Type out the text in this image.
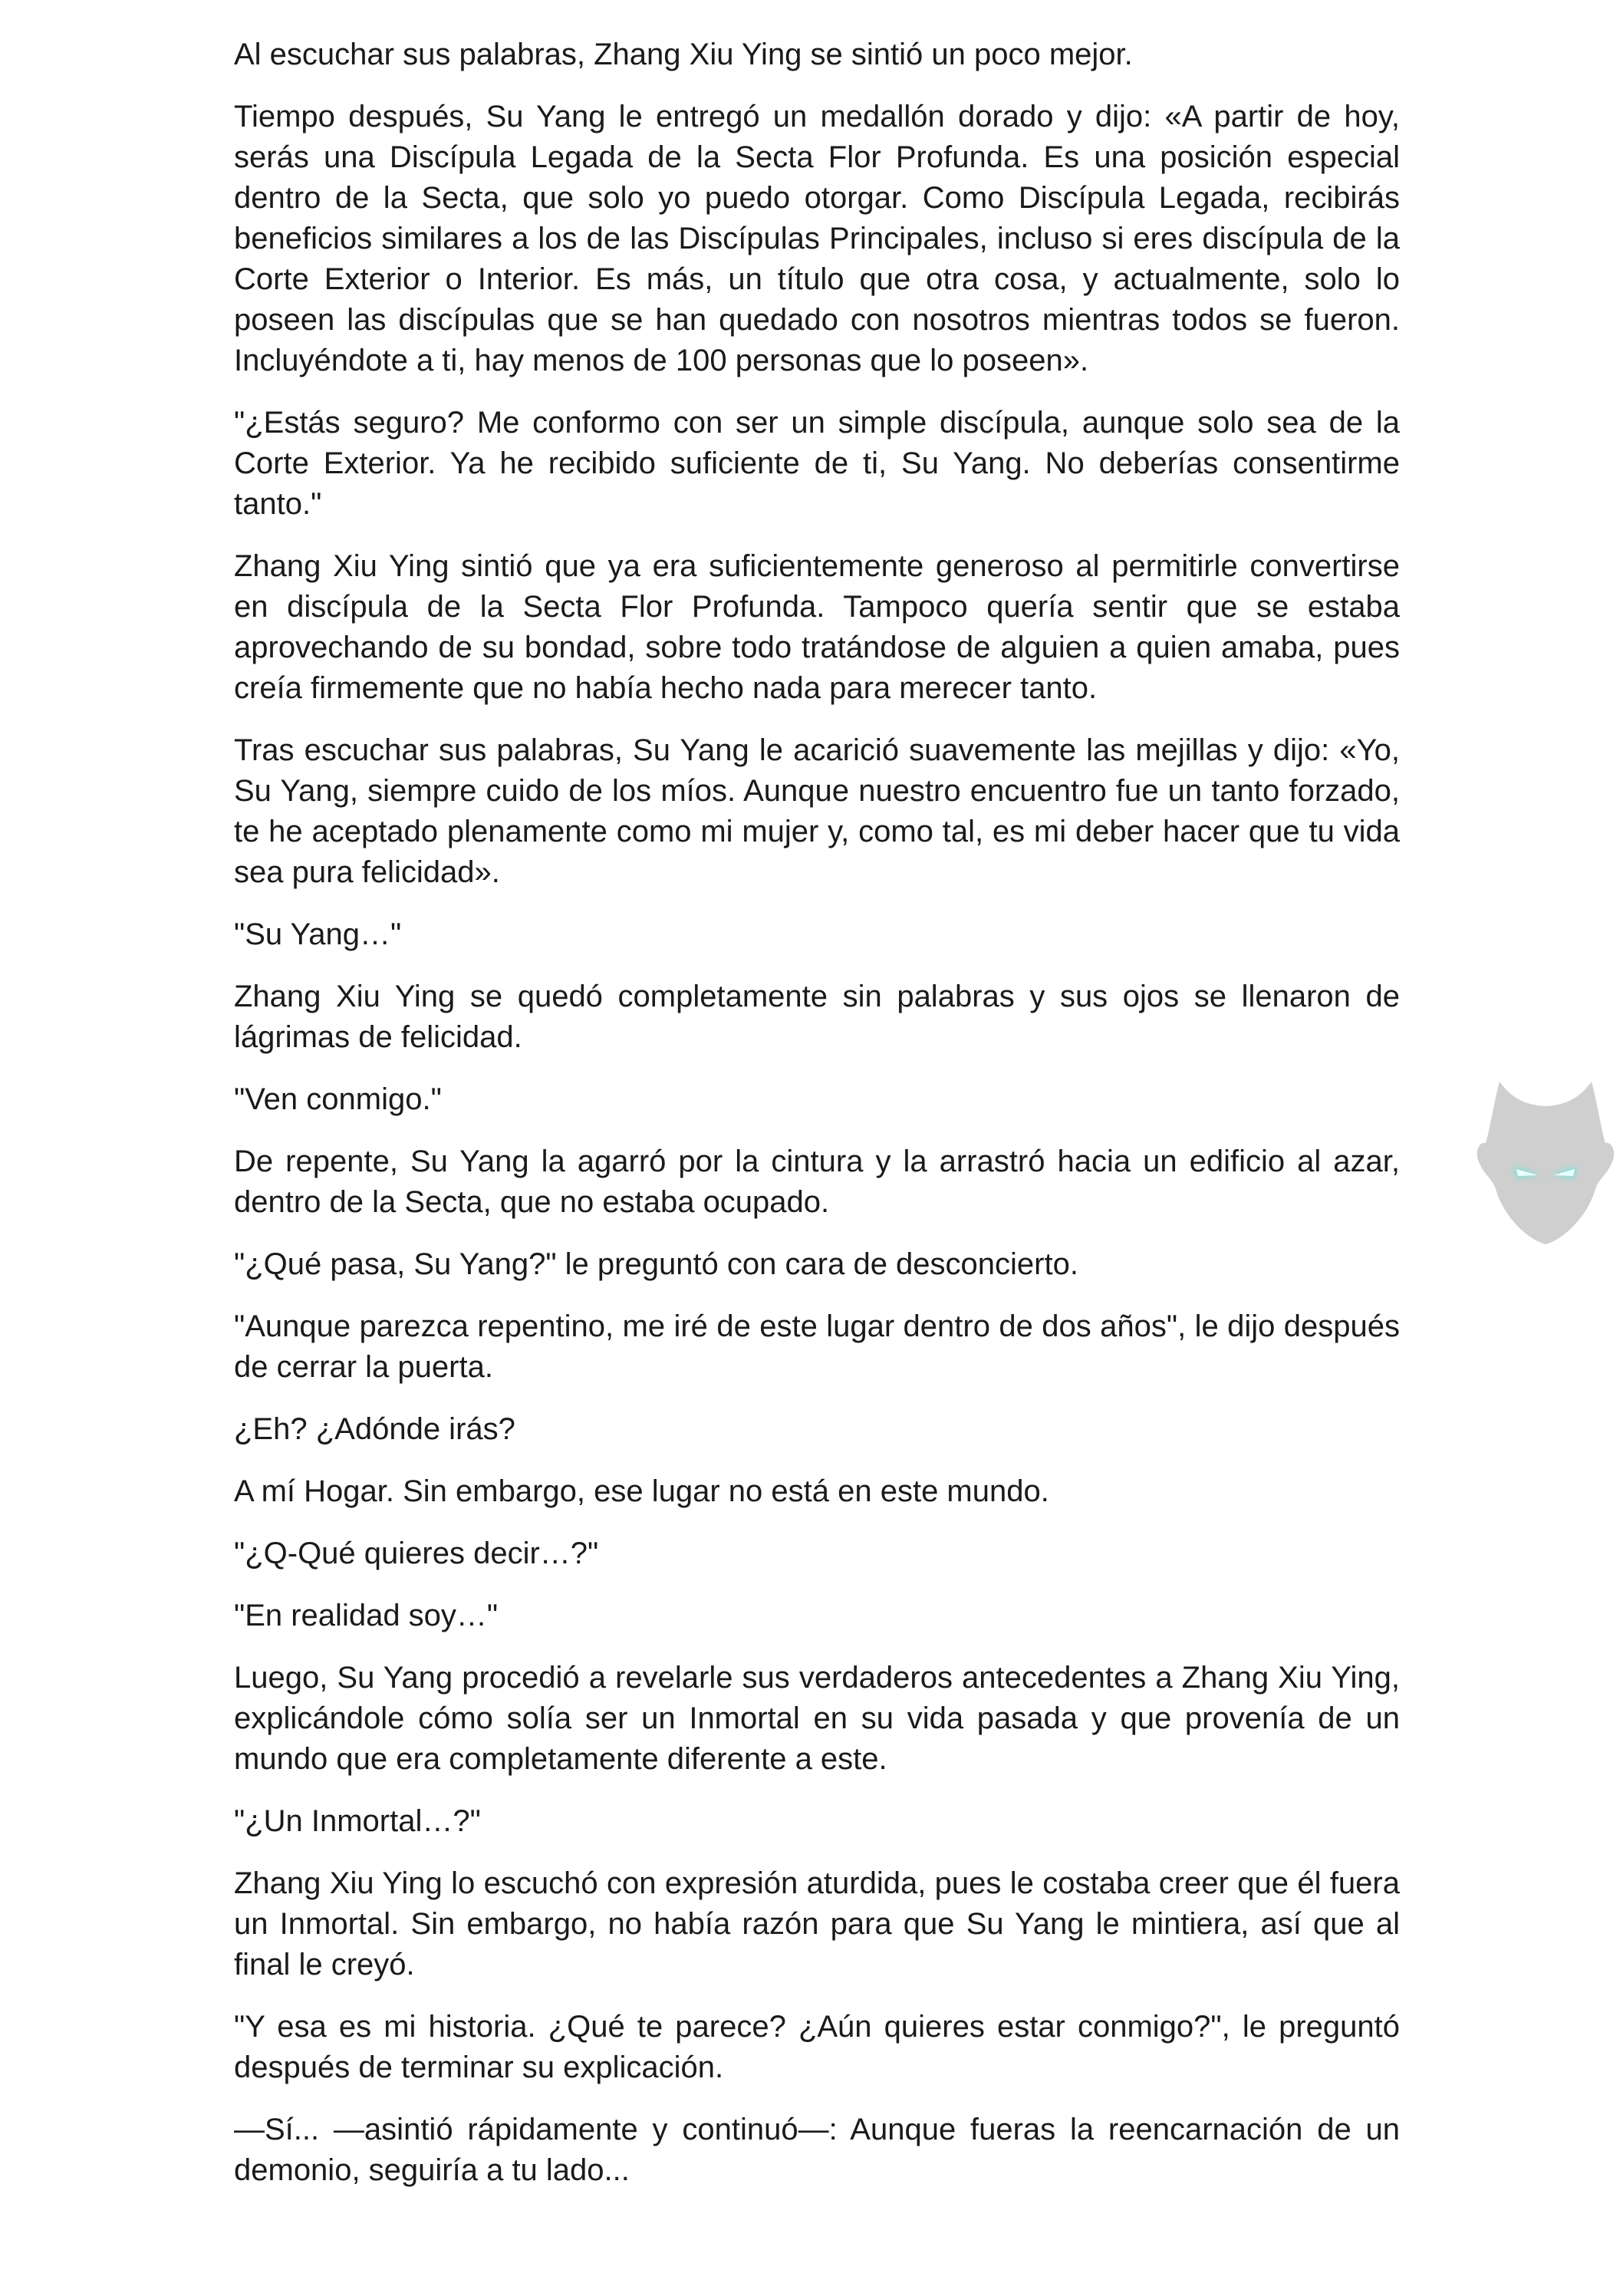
Al escuchar sus palabras, Zhang Xiu Ying se sintió un poco mejor.

Tiempo después, Su Yang le entregó un medallón dorado y dijo: «A partir de hoy, serás una Discípula Legada de la Secta Flor Profunda. Es una posición especial dentro de la Secta, que solo yo puedo otorgar. Como Discípula Legada, recibirás beneficios similares a los de las Discípulas Principales, incluso si eres discípula de la Corte Exterior o Interior. Es más, un título que otra cosa, y actualmente, solo lo poseen las discípulas que se han quedado con nosotros mientras todos se fueron. Incluyéndote a ti, hay menos de 100 personas que lo poseen».

"¿Estás seguro? Me conformo con ser un simple discípula, aunque solo sea de la Corte Exterior. Ya he recibido suficiente de ti, Su Yang. No deberías consentirme tanto."

Zhang Xiu Ying sintió que ya era suficientemente generoso al permitirle convertirse en discípula de la Secta Flor Profunda. Tampoco quería sentir que se estaba aprovechando de su bondad, sobre todo tratándose de alguien a quien amaba, pues creía firmemente que no había hecho nada para merecer tanto.

Tras escuchar sus palabras, Su Yang le acarició suavemente las mejillas y dijo: «Yo, Su Yang, siempre cuido de los míos. Aunque nuestro encuentro fue un tanto forzado, te he aceptado plenamente como mi mujer y, como tal, es mi deber hacer que tu vida sea pura felicidad».

"Su Yang…"

Zhang Xiu Ying se quedó completamente sin palabras y sus ojos se llenaron de lágrimas de felicidad.

"Ven conmigo."

De repente, Su Yang la agarró por la cintura y la arrastró hacia un edificio al azar, dentro de la Secta, que no estaba ocupado.

"¿Qué pasa, Su Yang?" le preguntó con cara de desconcierto.

"Aunque parezca repentino, me iré de este lugar dentro de dos años", le dijo después de cerrar la puerta.

¿Eh? ¿Adónde irás?

A mí Hogar. Sin embargo, ese lugar no está en este mundo.

"¿Q-Qué quieres decir…?"

"En realidad soy…"

Luego, Su Yang procedió a revelarle sus verdaderos antecedentes a Zhang Xiu Ying, explicándole cómo solía ser un Inmortal en su vida pasada y que provenía de un mundo que era completamente diferente a este.

"¿Un Inmortal…?"

Zhang Xiu Ying lo escuchó con expresión aturdida, pues le costaba creer que él fuera un Inmortal. Sin embargo, no había razón para que Su Yang le mintiera, así que al final le creyó.

"Y esa es mi historia. ¿Qué te parece? ¿Aún quieres estar conmigo?", le preguntó después de terminar su explicación.

—Sí... —asintió rápidamente y continuó—: Aunque fueras la reencarnación de un demonio, seguiría a tu lado...
